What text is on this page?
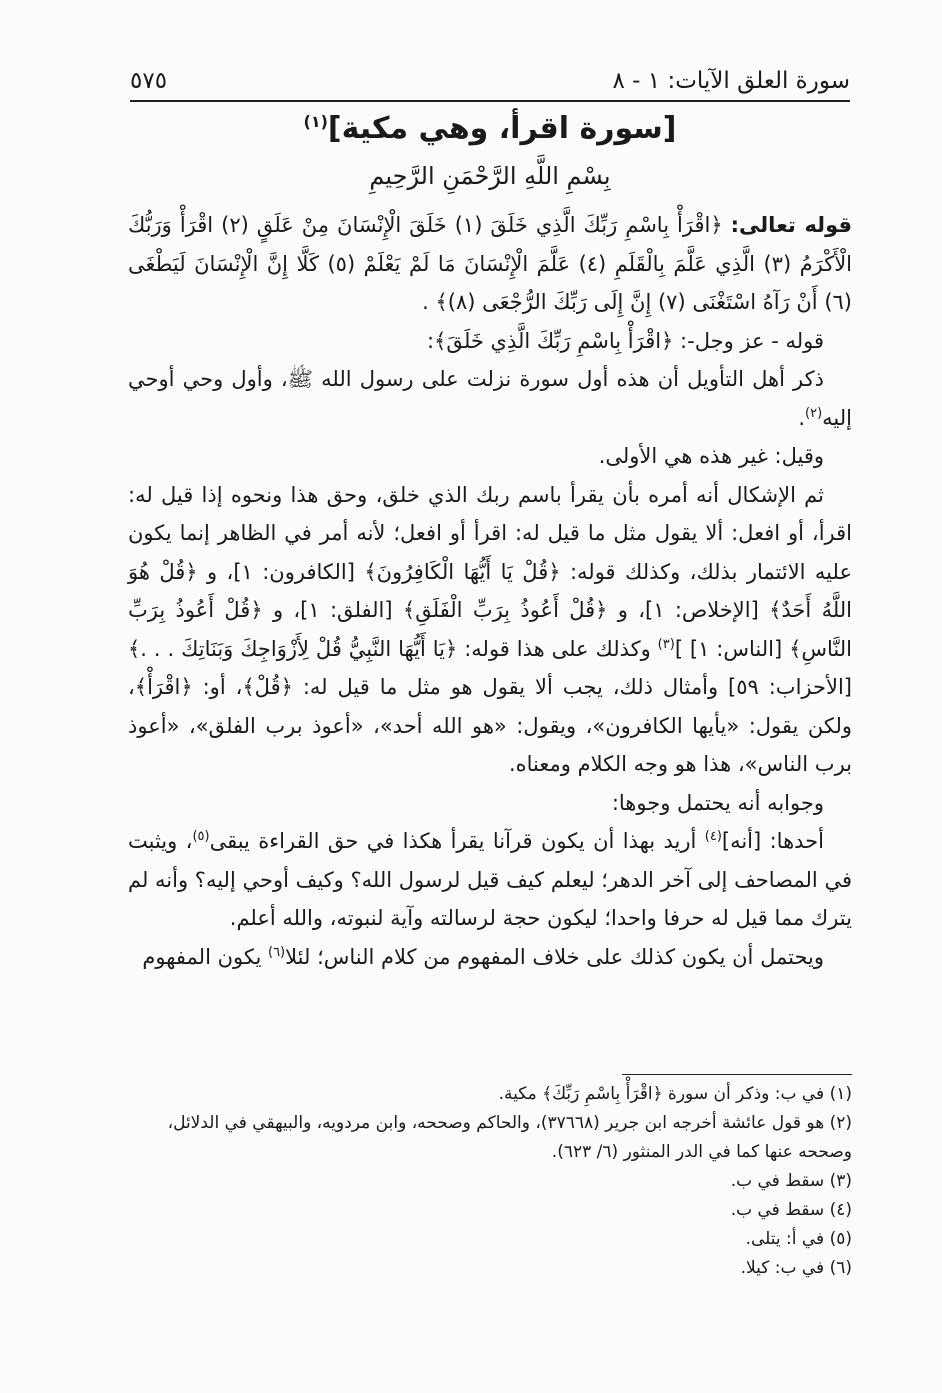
سورة العلق الآيات: ١ - ٨
٥٧٥
[سورة اقرأ، وهي مكية]$^{(١)}$
بِسْمِ اللَّهِ الرَّحْمَنِ الرَّحِيمِ

قوله تعالى: ﴿اقْرَأْ بِاسْمِ رَبِّكَ الَّذِي خَلَقَ (١) خَلَقَ الْإِنْسَانَ مِنْ عَلَقٍ (٢) اقْرَأْ وَرَبُّكَ الْأَكْرَمُ (٣) الَّذِي عَلَّمَ بِالْقَلَمِ (٤) عَلَّمَ الْإِنْسَانَ مَا لَمْ يَعْلَمْ (٥) كَلَّا إِنَّ الْإِنْسَانَ لَيَطْغَى (٦) أَنْ رَآهُ اسْتَغْنَى (٧) إِنَّ إِلَى رَبِّكَ الرُّجْعَى (٨)﴾ .

قوله - عز وجل-: ﴿اقْرَأْ بِاسْمِ رَبِّكَ الَّذِي خَلَقَ﴾:

ذكر أهل التأويل أن هذه أول سورة نزلت على رسول الله ﷺ، وأول وحي أوحي إليه$^{(٢)}$.

وقيل: غير هذه هي الأولى.

ثم الإشكال أنه أمره بأن يقرأ باسم ربك الذي خلق، وحق هذا ونحوه إذا قيل له: اقرأ، أو افعل: ألا يقول مثل ما قيل له: اقرأ أو افعل؛ لأنه أمر في الظاهر إنما يكون عليه الائتمار بذلك، وكذلك قوله: ﴿قُلْ يَا أَيُّهَا الْكَافِرُونَ﴾ [الكافرون: ١]، و ﴿قُلْ هُوَ اللَّهُ أَحَدٌ﴾ [الإخلاص: ١]، و ﴿قُلْ أَعُوذُ بِرَبِّ الْفَلَقِ﴾ [الفلق: ١]، و ﴿قُلْ أَعُوذُ بِرَبِّ النَّاسِ﴾ [الناس: ١] ]$^{(٣)}$ وكذلك على هذا قوله: ﴿يَا أَيُّهَا النَّبِيُّ قُلْ لِأَزْوَاجِكَ وَبَنَاتِكَ . . .﴾ [الأحزاب: ٥٩] وأمثال ذلك، يجب ألا يقول هو مثل ما قيل له: ﴿قُلْ﴾، أو: ﴿اقْرَأْ﴾، ولكن يقول: «يأيها الكافرون»، ويقول: «هو الله أحد»، «أعوذ برب الفلق»، «أعوذ برب الناس»، هذا هو وجه الكلام ومعناه.

وجوابه أنه يحتمل وجوها:

أحدها: [أنه]$^{(٤)}$ أريد بهذا أن يكون قرآنا يقرأ هكذا في حق القراءة يبقى$^{(٥)}$، ويثبت في المصاحف إلى آخر الدهر؛ ليعلم كيف قيل لرسول الله؟ وكيف أوحي إليه؟ وأنه لم يترك مما قيل له حرفا واحدا؛ ليكون حجة لرسالته وآية لنبوته، والله أعلم.

ويحتمل أن يكون كذلك على خلاف المفهوم من كلام الناس؛ لئلا$^{(٦)}$ يكون المفهوم

(١) في ب: وذكر أن سورة ﴿اقْرَأْ بِاسْمِ رَبِّكَ﴾ مكية.
(٢) هو قول عائشة أخرجه ابن جرير (٣٧٦٦٨)، والحاكم وصححه، وابن مردويه، والبيهقي في الدلائل، وصححه عنها كما في الدر المنثور (٦/ ٦٢٣).
(٣) سقط في ب.
(٤) سقط في ب.
(٥) في أ: يتلى.
(٦) في ب: كيلا.
